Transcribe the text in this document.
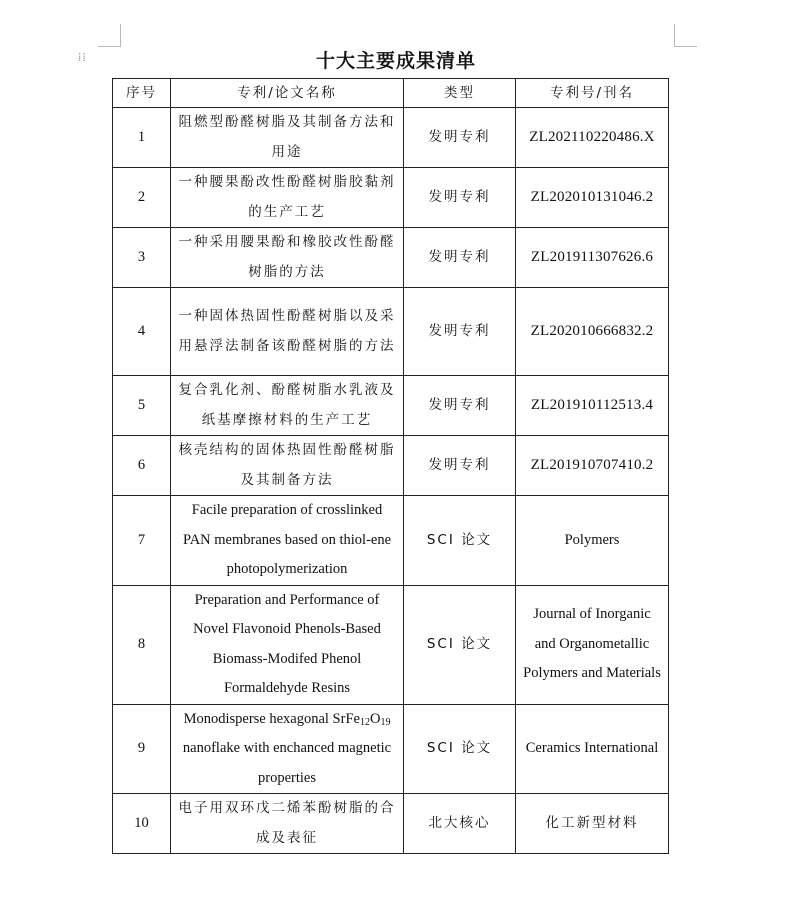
⁞⁞	十大主要成果清单
序号	专利/论文名称	类型	专利号/刊名
1	阻燃型酚醛树脂及其制备方法和用途	发明专利	ZL202110220486.X
2	一种腰果酚改性酚醛树脂胶黏剂的生产工艺	发明专利	ZL202010131046.2
3	一种采用腰果酚和橡胶改性酚醛树脂的方法	发明专利	ZL201911307626.6
4	一种固体热固性酚醛树脂以及采用悬浮法制备该酚醛树脂的方法	发明专利	ZL202010666832.2
5	复合乳化剂、酚醛树脂水乳液及纸基摩擦材料的生产工艺	发明专利	ZL201910112513.4
6	核壳结构的固体热固性酚醛树脂及其制备方法	发明专利	ZL201910707410.2
7	Facile preparation of crosslinked PAN membranes based on thiol-ene photopolymerization	SCI 论文	Polymers
8	Preparation and Performance of Novel Flavonoid Phenols-Based Biomass-Modifed Phenol Formaldehyde Resins	SCI 论文	Journal of Inorganic and Organometallic Polymers and Materials
9	Monodisperse hexagonal $SrFe_{12}O_{19}$ nanoflake with enchanced magnetic properties	SCI 论文	Ceramics International
10	电子用双环戊二烯苯酚树脂的合成及表征	北大核心	化工新型材料
